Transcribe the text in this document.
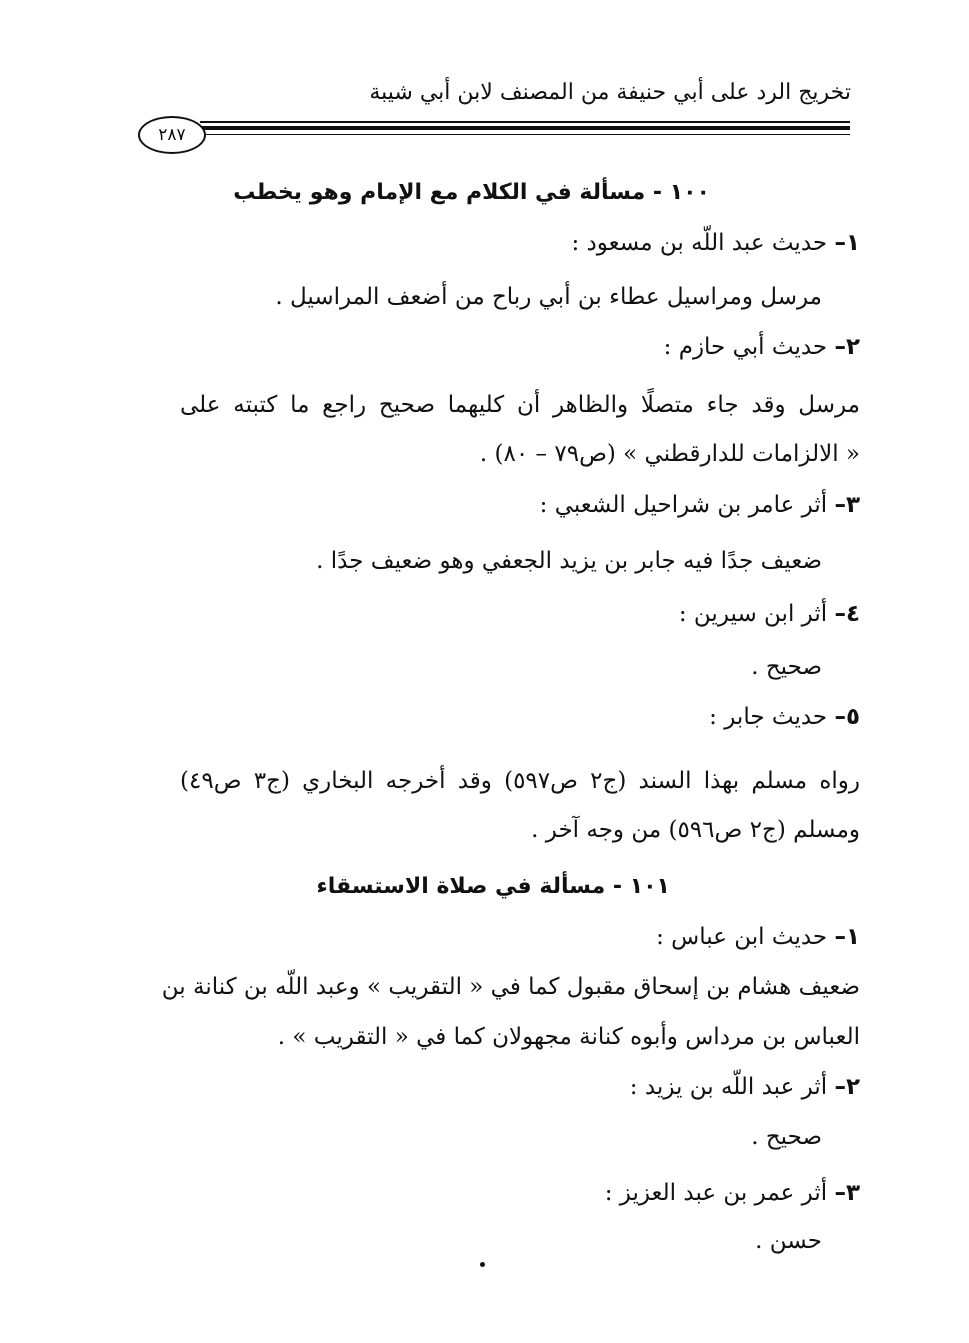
تخريج الرد على أبي حنيفة من المصنف لابن أبي شيبة
٢٨٧
١٠٠ - مسألة في الكلام مع الإمام وهو يخطب
١– حديث عبد اللّه بن مسعود :
مرسل ومراسيل عطاء بن أبي رباح من أضعف المراسيل .
٢– حديث أبي حازم :
مرسل وقد جاء متصلًا والظاهر أن كليهما صحيح راجع ما كتبته على
« الالزامات للدارقطني » (ص٧٩ – ٨٠) .
٣– أثر عامر بن شراحيل الشعبي :
ضعيف جدًا فيه جابر بن يزيد الجعفي وهو ضعيف جدًا .
٤– أثر ابن سيرين :
صحيح .
٥– حديث جابر :
رواه مسلم بهذا السند (ج٢ ص٥٩٧) وقد أخرجه البخاري (ج٣ ص٤٩)
ومسلم (ج٢ ص٥٩٦) من وجه آخر .
١٠١ - مسألة في صلاة الاستسقاء
١– حديث ابن عباس :
ضعيف هشام بن إسحاق مقبول كما في « التقريب » وعبد اللّه بن كنانة بن
العباس بن مرداس وأبوه كنانة مجهولان كما في « التقريب » .
٢– أثر عبد اللّه بن يزيد :
صحيح .
٣– أثر عمر بن عبد العزيز :
حسن .
